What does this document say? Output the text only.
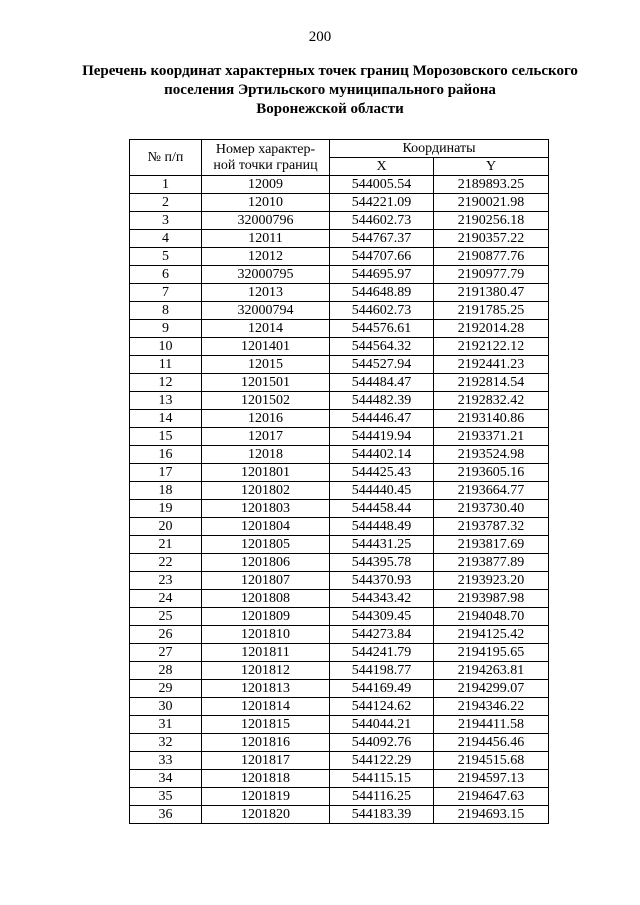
200
Перечень координат характерных точек границ Морозовского сельского
поселения Эртильского муниципального района
Воронежской области
№ п/п	Номер характер-
ной точки границ	Координаты	
		X	Y
1	12009	544005.54	2189893.25
2	12010	544221.09	2190021.98
3	32000796	544602.73	2190256.18
4	12011	544767.37	2190357.22
5	12012	544707.66	2190877.76
6	32000795	544695.97	2190977.79
7	12013	544648.89	2191380.47
8	32000794	544602.73	2191785.25
9	12014	544576.61	2192014.28
10	1201401	544564.32	2192122.12
11	12015	544527.94	2192441.23
12	1201501	544484.47	2192814.54
13	1201502	544482.39	2192832.42
14	12016	544446.47	2193140.86
15	12017	544419.94	2193371.21
16	12018	544402.14	2193524.98
17	1201801	544425.43	2193605.16
18	1201802	544440.45	2193664.77
19	1201803	544458.44	2193730.40
20	1201804	544448.49	2193787.32
21	1201805	544431.25	2193817.69
22	1201806	544395.78	2193877.89
23	1201807	544370.93	2193923.20
24	1201808	544343.42	2193987.98
25	1201809	544309.45	2194048.70
26	1201810	544273.84	2194125.42
27	1201811	544241.79	2194195.65
28	1201812	544198.77	2194263.81
29	1201813	544169.49	2194299.07
30	1201814	544124.62	2194346.22
31	1201815	544044.21	2194411.58
32	1201816	544092.76	2194456.46
33	1201817	544122.29	2194515.68
34	1201818	544115.15	2194597.13
35	1201819	544116.25	2194647.63
36	1201820	544183.39	2194693.15
